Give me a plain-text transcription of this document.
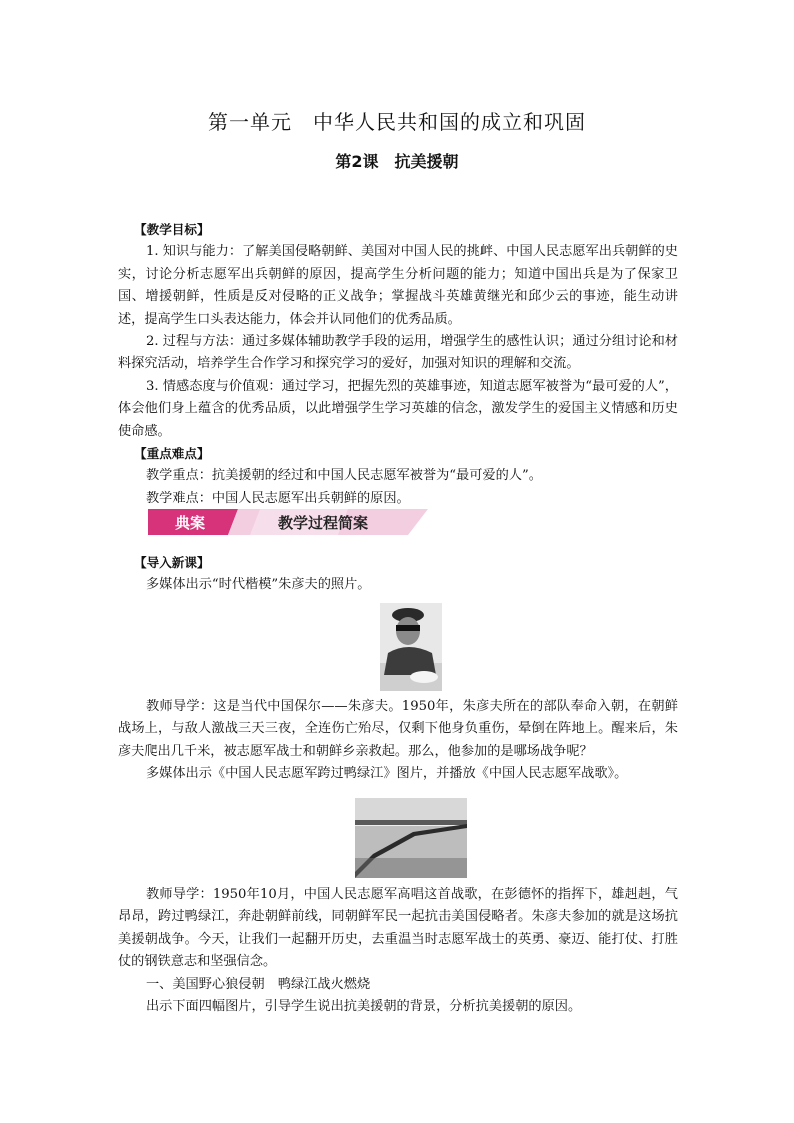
第一单元　中华人民共和国的成立和巩固
第2课　抗美援朝

【教学目标】

1. 知识与能力：了解美国侵略朝鲜、美国对中国人民的挑衅、中国人民志愿军出兵朝鲜的史实，讨论分析志愿军出兵朝鲜的原因，提高学生分析问题的能力；知道中国出兵是为了保家卫国、增援朝鲜，性质是反对侵略的正义战争；掌握战斗英雄黄继光和邱少云的事迹，能生动讲述，提高学生口头表达能力，体会并认同他们的优秀品质。

2. 过程与方法：通过多媒体辅助教学手段的运用，增强学生的感性认识；通过分组讨论和材料探究活动，培养学生合作学习和探究学习的爱好，加强对知识的理解和交流。

3. 情感态度与价值观：通过学习，把握先烈的英雄事迹，知道志愿军被誉为“最可爱的人”，体会他们身上蕴含的优秀品质，以此增强学生学习英雄的信念，激发学生的爱国主义情感和历史使命感。

【重点难点】

教学重点：抗美援朝的经过和中国人民志愿军被誉为“最可爱的人”。

教学难点：中国人民志愿军出兵朝鲜的原因。

典案	教学过程简案

【导入新课】

多媒体出示“时代楷模”朱彦夫的照片。

教师导学：这是当代中国保尔——朱彦夫。1950年，朱彦夫所在的部队奉命入朝，在朝鲜战场上，与敌人激战三天三夜，全连伤亡殆尽，仅剩下他身负重伤，晕倒在阵地上。醒来后，朱彦夫爬出几千米，被志愿军战士和朝鲜乡亲救起。那么，他参加的是哪场战争呢？

多媒体出示《中国人民志愿军跨过鸭绿江》图片，并播放《中国人民志愿军战歌》。

教师导学：1950年10月，中国人民志愿军高唱这首战歌，在彭德怀的指挥下，雄赳赳，气昂昂，跨过鸭绿江，奔赴朝鲜前线，同朝鲜军民一起抗击美国侵略者。朱彦夫参加的就是这场抗美援朝战争。今天，让我们一起翻开历史，去重温当时志愿军战士的英勇、豪迈、能打仗、打胜仗的钢铁意志和坚强信念。

一、美国野心狼侵朝　鸭绿江战火燃烧

出示下面四幅图片，引导学生说出抗美援朝的背景，分析抗美援朝的原因。
